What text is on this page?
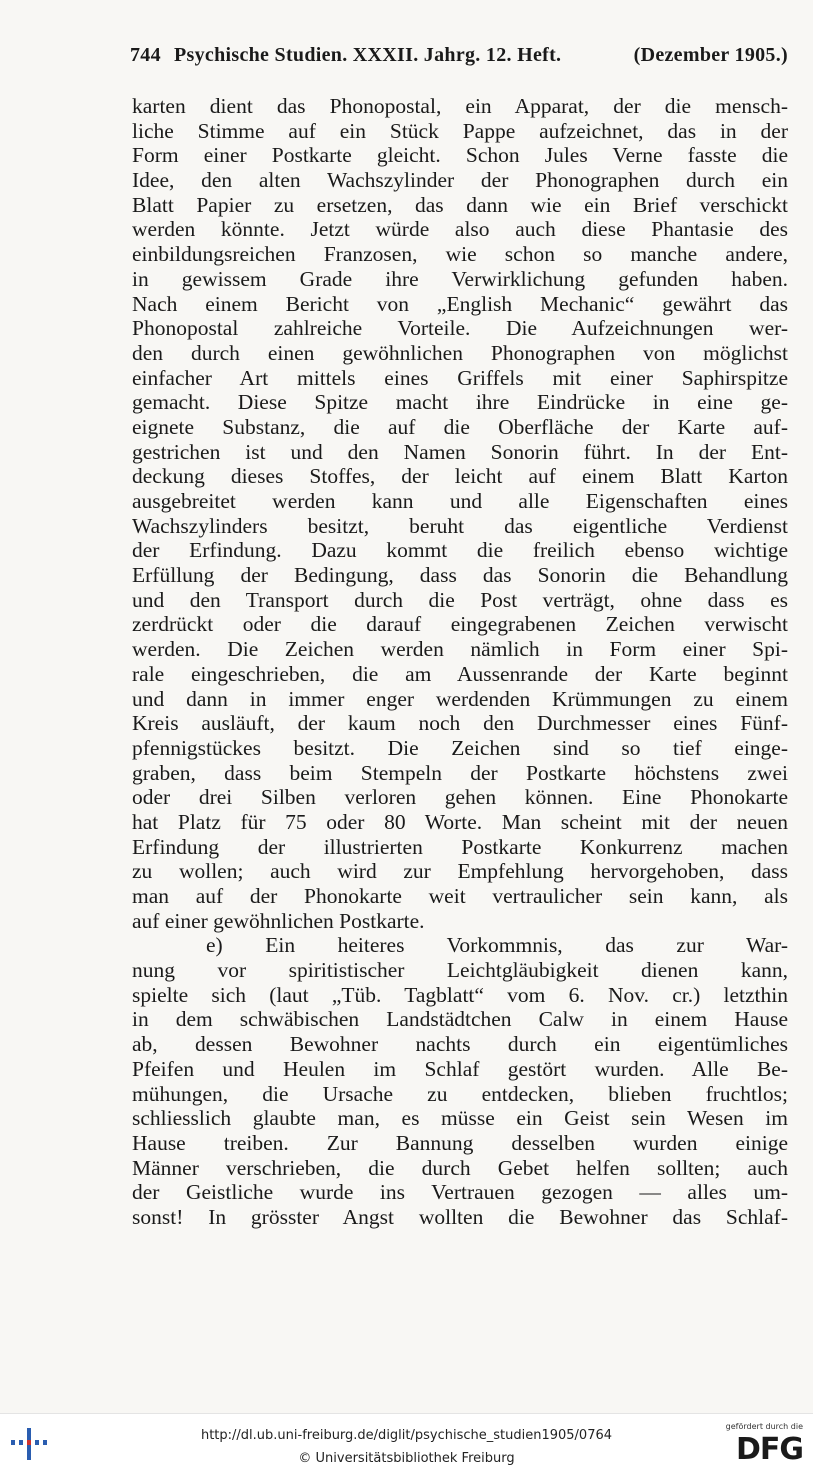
744 Psychische Studien. XXXII. Jahrg. 12. Heft.	(Dezember 1905.)
karten dient das Phonopostal, ein Apparat, der die mensch-
liche Stimme auf ein Stück Pappe aufzeichnet, das in der
Form einer Postkarte gleicht. Schon Jules Verne fasste die
Idee, den alten Wachszylinder der Phonographen durch ein
Blatt Papier zu ersetzen, das dann wie ein Brief verschickt
werden könnte. Jetzt würde also auch diese Phantasie des
einbildungsreichen Franzosen, wie schon so manche andere,
in gewissem Grade ihre Verwirklichung gefunden haben.
Nach einem Bericht von „English Mechanic“ gewährt das
Phonopostal zahlreiche Vorteile. Die Aufzeichnungen wer-
den durch einen gewöhnlichen Phonographen von möglichst
einfacher Art mittels eines Griffels mit einer Saphirspitze
gemacht. Diese Spitze macht ihre Eindrücke in eine ge-
eignete Substanz, die auf die Oberfläche der Karte auf-
gestrichen ist und den Namen Sonorin führt. In der Ent-
deckung dieses Stoffes, der leicht auf einem Blatt Karton
ausgebreitet werden kann und alle Eigenschaften eines
Wachszylinders besitzt, beruht das eigentliche Verdienst
der Erfindung. Dazu kommt die freilich ebenso wichtige
Erfüllung der Bedingung, dass das Sonorin die Behandlung
und den Transport durch die Post verträgt, ohne dass es
zerdrückt oder die darauf eingegrabenen Zeichen verwischt
werden. Die Zeichen werden nämlich in Form einer Spi-
rale eingeschrieben, die am Aussenrande der Karte beginnt
und dann in immer enger werdenden Krümmungen zu einem
Kreis ausläuft, der kaum noch den Durchmesser eines Fünf-
pfennigstückes besitzt. Die Zeichen sind so tief einge-
graben, dass beim Stempeln der Postkarte höchstens zwei
oder drei Silben verloren gehen können. Eine Phonokarte
hat Platz für 75 oder 80 Worte. Man scheint mit der neuen
Erfindung der illustrierten Postkarte Konkurrenz machen
zu wollen; auch wird zur Empfehlung hervorgehoben, dass
man auf der Phonokarte weit vertraulicher sein kann, als
auf einer gewöhnlichen Postkarte.
e) Ein heiteres Vorkommnis, das zur War-
nung vor spiritistischer Leichtgläubigkeit dienen kann,
spielte sich (laut „Tüb. Tagblatt“ vom 6. Nov. cr.) letzthin
in dem schwäbischen Landstädtchen Calw in einem Hause
ab, dessen Bewohner nachts durch ein eigentümliches
Pfeifen und Heulen im Schlaf gestört wurden. Alle Be-
mühungen, die Ursache zu entdecken, blieben fruchtlos;
schliesslich glaubte man, es müsse ein Geist sein Wesen im
Hause treiben. Zur Bannung desselben wurden einige
Männer verschrieben, die durch Gebet helfen sollten; auch
der Geistliche wurde ins Vertrauen gezogen — alles um-
sonst! In grösster Angst wollten die Bewohner das Schlaf-
http://dl.ub.uni-freiburg.de/diglit/psychische_studien1905/0764
© Universitätsbibliothek Freiburg
gefördert durch die
DFG
